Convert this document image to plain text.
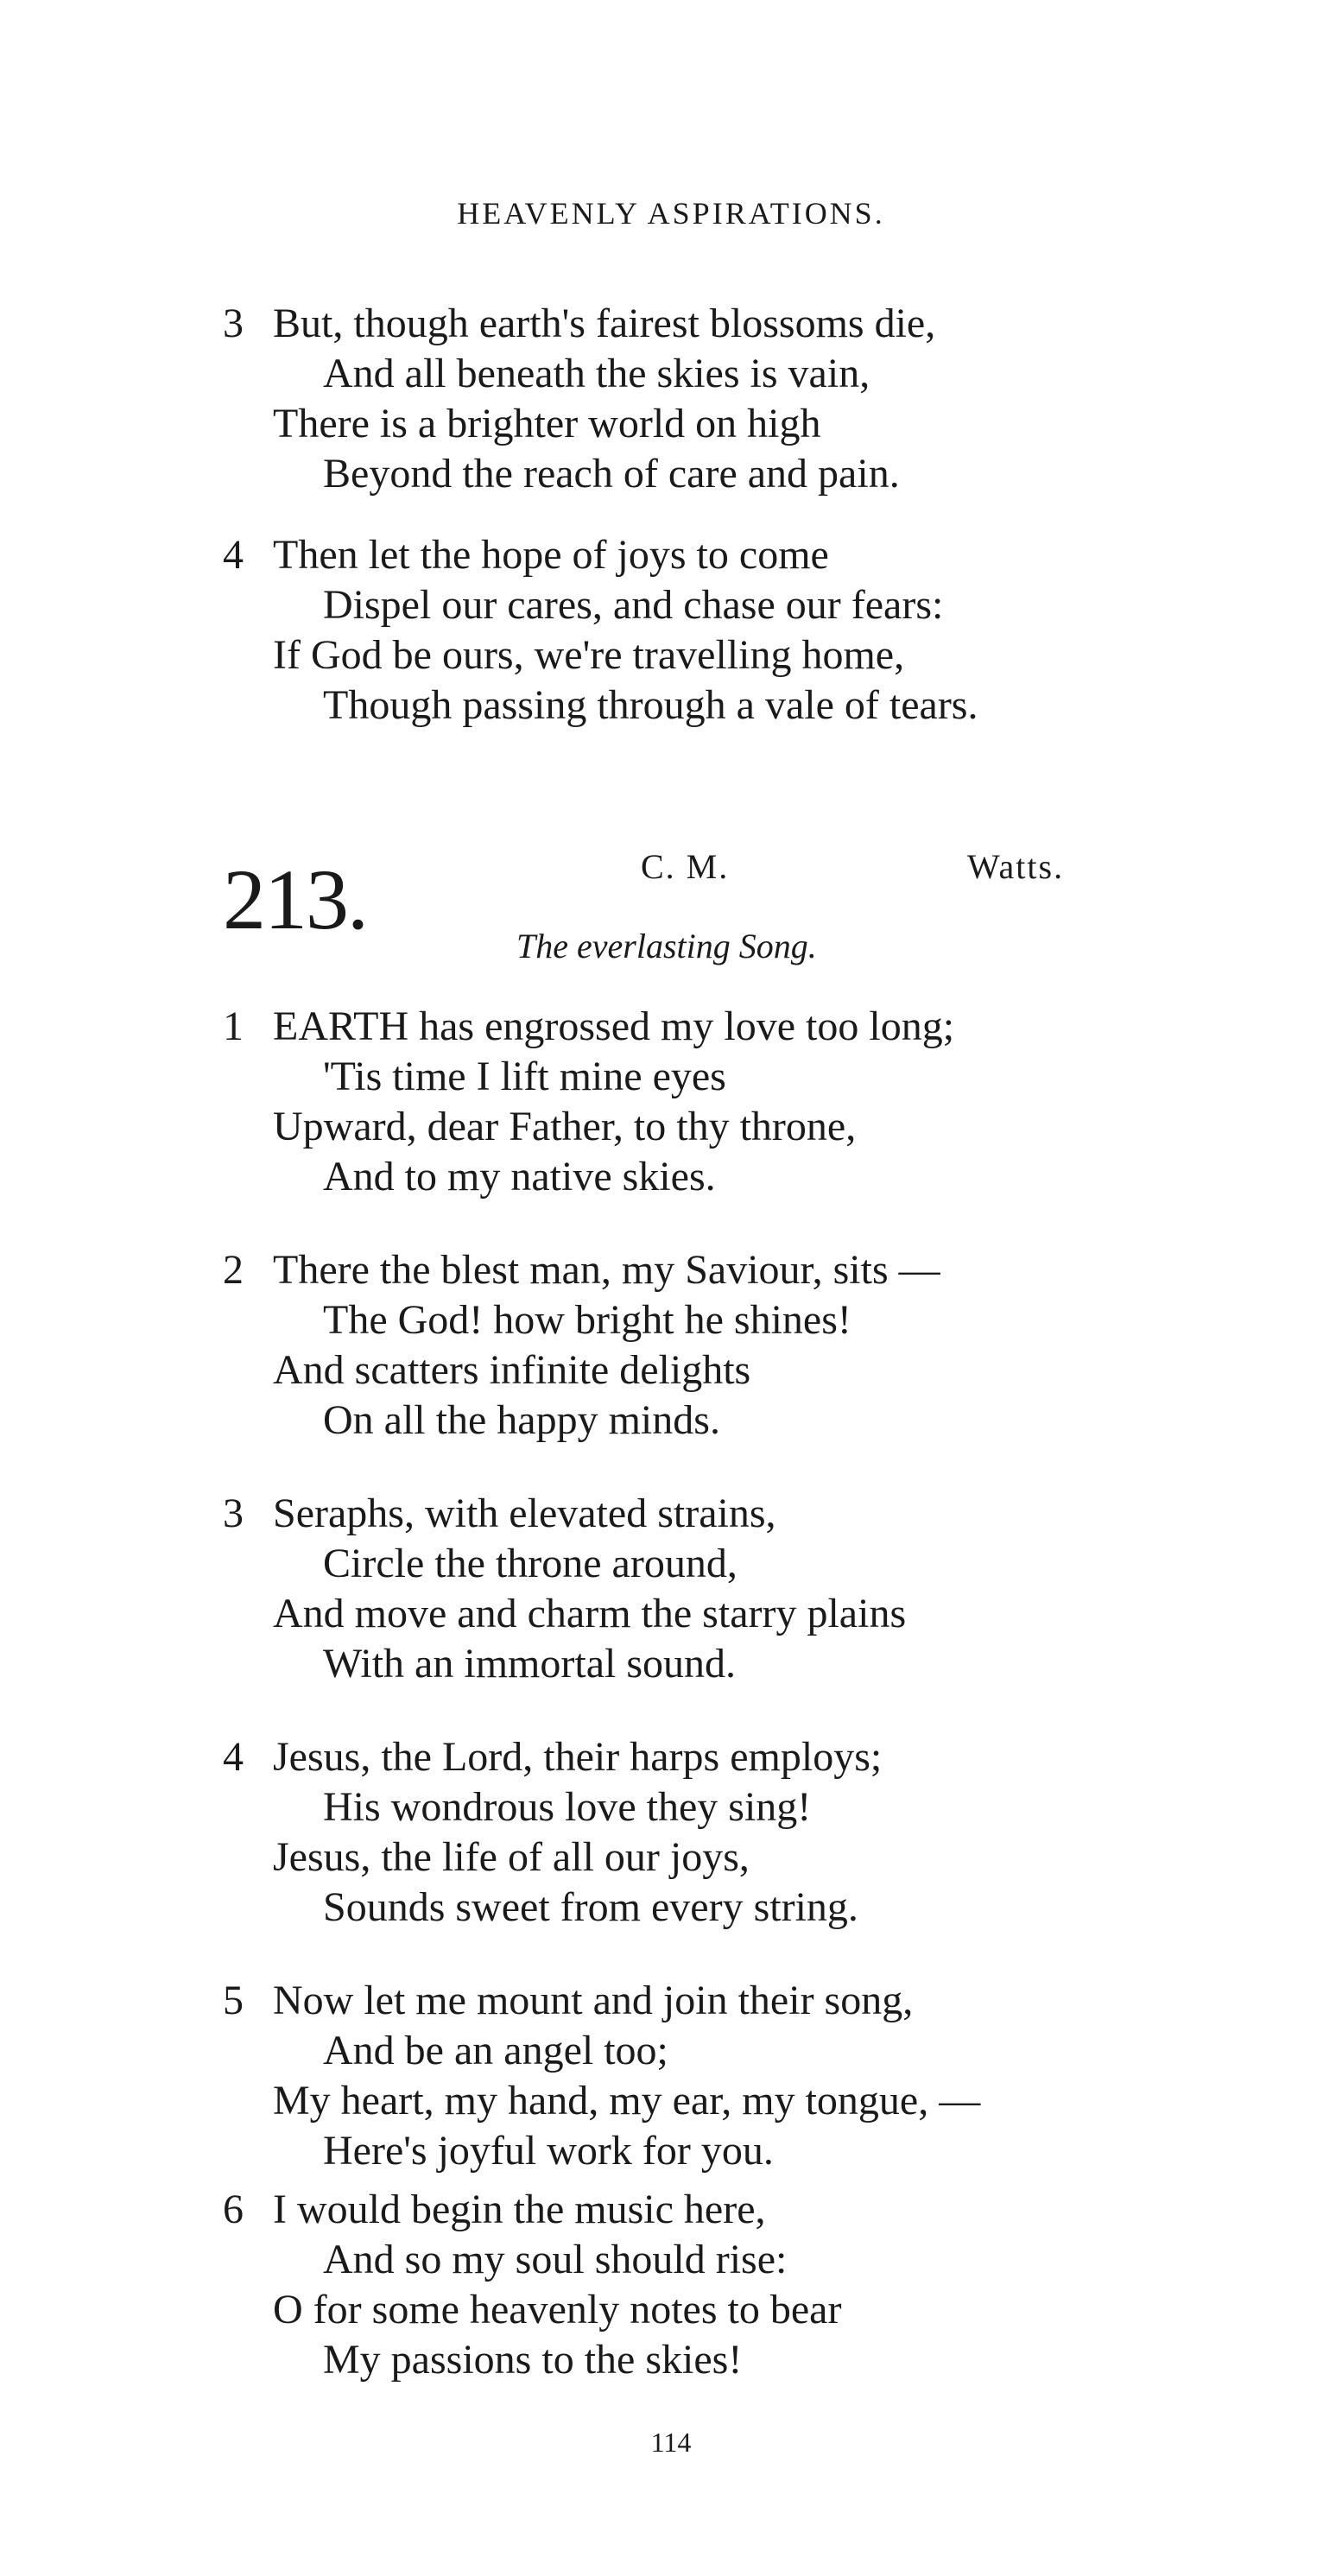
HEAVENLY ASPIRATIONS.
3 But, though earth's fairest blossoms die,
And all beneath the skies is vain,
There is a brighter world on high
Beyond the reach of care and pain.
4 Then let the hope of joys to come
Dispel our cares, and chase our fears:
If God be ours, we're travelling home,
Though passing through a vale of tears.
213.	C. M.	Watts.
The everlasting Song.
1 EARTH has engrossed my love too long;
'Tis time I lift mine eyes
Upward, dear Father, to thy throne,
And to my native skies.
2 There the blest man, my Saviour, sits —
The God! how bright he shines!
And scatters infinite delights
On all the happy minds.
3 Seraphs, with elevated strains,
Circle the throne around,
And move and charm the starry plains
With an immortal sound.
4 Jesus, the Lord, their harps employs;
His wondrous love they sing!
Jesus, the life of all our joys,
Sounds sweet from every string.
5 Now let me mount and join their song,
And be an angel too;
My heart, my hand, my ear, my tongue, —
Here's joyful work for you.
6 I would begin the music here,
And so my soul should rise:
O for some heavenly notes to bear
My passions to the skies!
114
